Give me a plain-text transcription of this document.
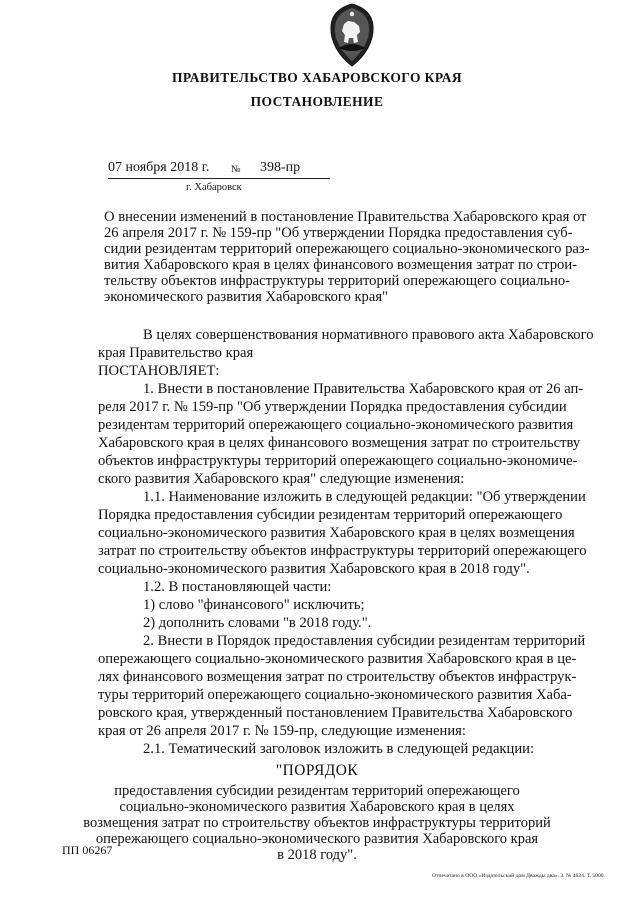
ПРАВИТЕЛЬСТВО ХАБАРОВСКОГО КРАЯ
ПОСТАНОВЛЕНИЕ
07 ноября 2018 г. № 398-пр
г. Хабаровск
О внесении изменений в постановление Правительства Хабаровского края от
26 апреля 2017 г. № 159-пр "Об утверждении Порядка предоставления суб-
сидии резидентам территорий опережающего социально-экономического раз-
вития Хабаровского края в целях финансового возмещения затрат по строи-
тельству объектов инфраструктуры территорий опережающего социально-
экономического развития Хабаровского края"
В целях совершенствования нормативного правового акта Хабаровского
края Правительство края
ПОСТАНОВЛЯЕТ:
1. Внести в постановление Правительства Хабаровского края от 26 ап-
реля 2017 г. № 159-пр "Об утверждении Порядка предоставления субсидии
резидентам территорий опережающего социально-экономического развития
Хабаровского края в целях финансового возмещения затрат по строительству
объектов инфраструктуры территорий опережающего социально-экономиче-
ского развития Хабаровского края" следующие изменения:
1.1. Наименование изложить в следующей редакции: "Об утверждении
Порядка предоставления субсидии резидентам территорий опережающего
социально-экономического развития Хабаровского края в целях возмещения
затрат по строительству объектов инфраструктуры территорий опережающего
социально-экономического развития Хабаровского края в 2018 году".
1.2. В постановляющей части:
1) слово "финансового" исключить;
2) дополнить словами "в 2018 году.".
2. Внести в Порядок предоставления субсидии резидентам территорий
опережающего социально-экономического развития Хабаровского края в це-
лях финансового возмещения затрат по строительству объектов инфраструк-
туры территорий опережающего социально-экономического развития Хаба-
ровского края, утвержденный постановлением Правительства Хабаровского
края от 26 апреля 2017 г. № 159-пр, следующие изменения:
2.1. Тематический заголовок изложить в следующей редакции:
"ПОРЯДОК
предоставления субсидии резидентам территорий опережающего
социально-экономического развития Хабаровского края в целях
возмещения затрат по строительству объектов инфраструктуры территорий
опережающего социально-экономического развития Хабаровского края
в 2018 году".
ПП 06267
Отпечатано в ООО «Издательский дом Дважды два». З. № 4624. Т. 5000.
